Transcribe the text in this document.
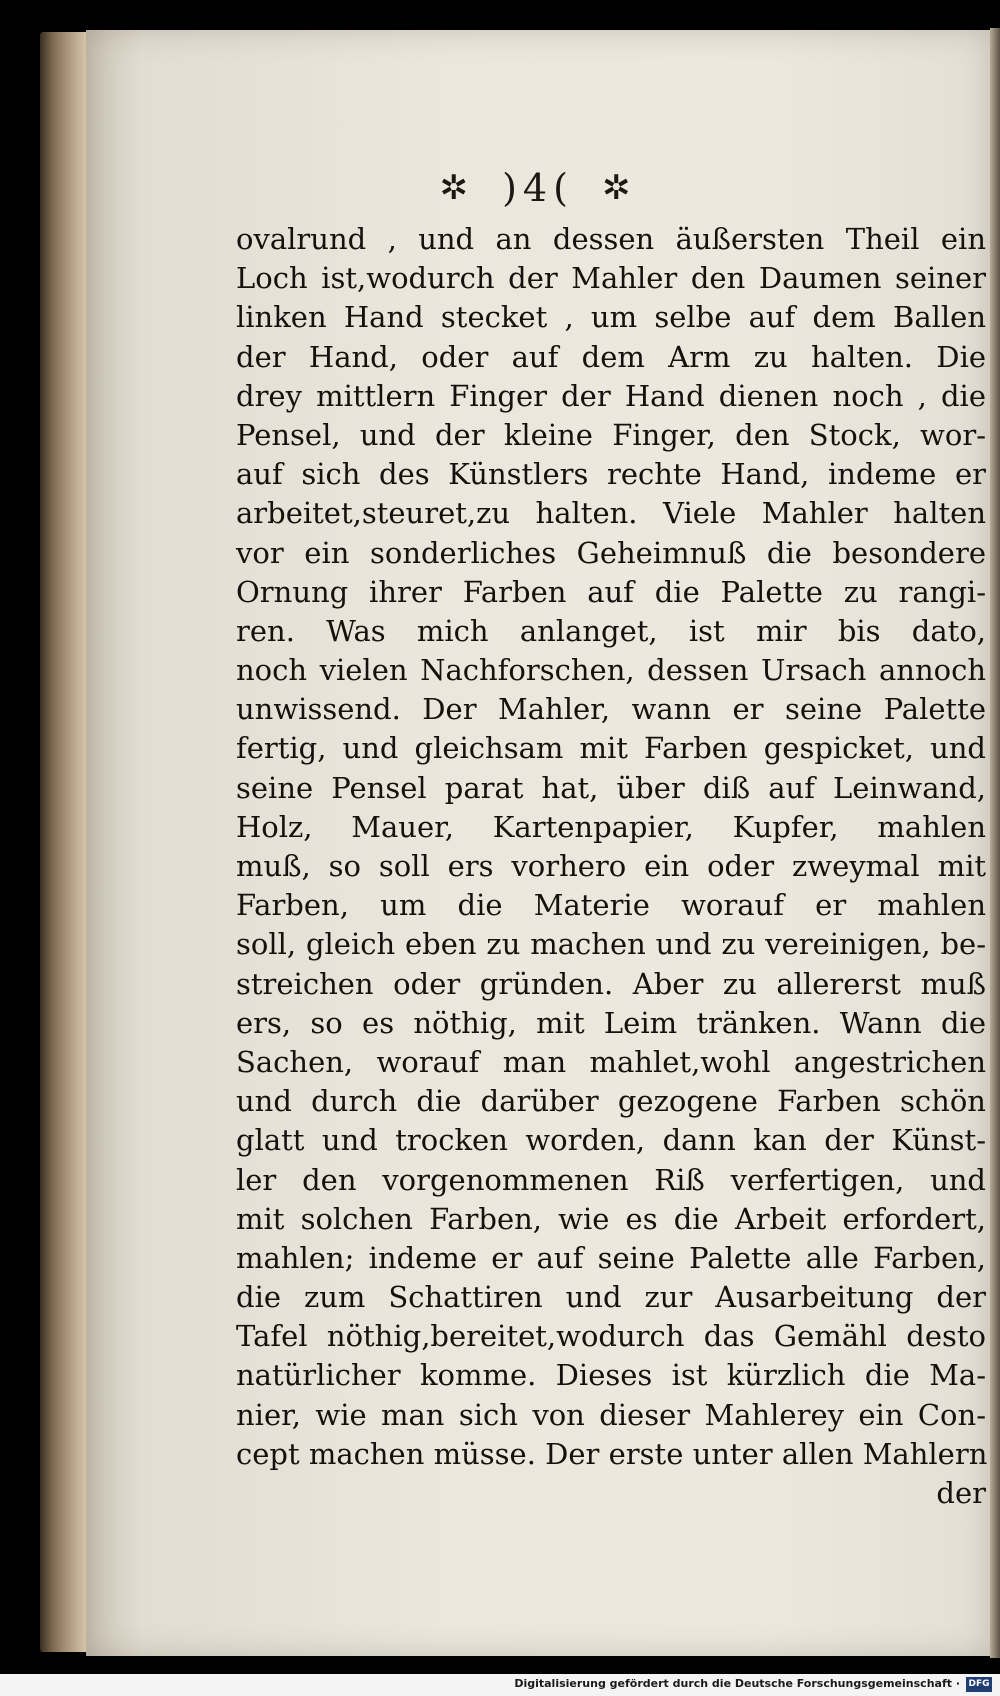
✲ )4( ✲
ovalrund , und an dessen äußersten Theil ein
Loch ist,wodurch der Mahler den Daumen seiner
linken Hand stecket , um selbe auf dem Ballen
der Hand, oder auf dem Arm zu halten. Die
drey mittlern Finger der Hand dienen noch , die
Pensel, und der kleine Finger, den Stock, wor-
auf sich des Künstlers rechte Hand, indeme er
arbeitet,steuret,zu halten. Viele Mahler halten
vor ein sonderliches Geheimnuß die besondere
Ornung ihrer Farben auf die Palette zu rangi-
ren. Was mich anlanget, ist mir bis dato,
noch vielen Nachforschen, dessen Ursach annoch
unwissend. Der Mahler, wann er seine Palette
fertig, und gleichsam mit Farben gespicket, und
seine Pensel parat hat, über diß auf Leinwand,
Holz, Mauer, Kartenpapier, Kupfer, mahlen
muß, so soll ers vorhero ein oder zweymal mit
Farben, um die Materie worauf er mahlen
soll, gleich eben zu machen und zu vereinigen, be-
streichen oder gründen. Aber zu allererst muß
ers, so es nöthig, mit Leim tränken. Wann die
Sachen, worauf man mahlet,wohl angestrichen
und durch die darüber gezogene Farben schön
glatt und trocken worden, dann kan der Künst-
ler den vorgenommenen Riß verfertigen, und
mit solchen Farben, wie es die Arbeit erfordert,
mahlen; indeme er auf seine Palette alle Farben,
die zum Schattiren und zur Ausarbeitung der
Tafel nöthig,bereitet,wodurch das Gemähl desto
natürlicher komme. Dieses ist kürzlich die Ma-
nier, wie man sich von dieser Mahlerey ein Con-
cept machen müsse. Der erste unter allen Mahlern
der
Digitalisierung gefördert durch die Deutsche Forschungsgemeinschaft · DFG
